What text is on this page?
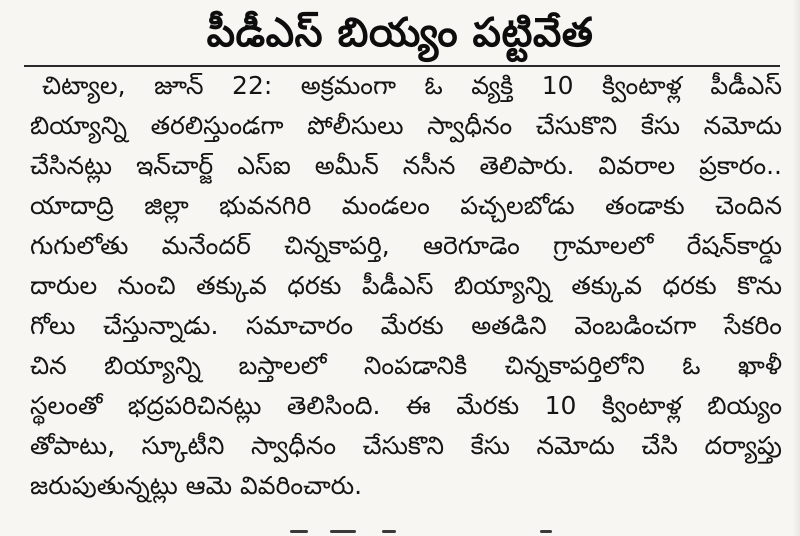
పీడీఎస్ బియ్యం పట్టివేత
చిట్యాల, జూన్ 22: అక్రమంగా ఓ వ్యక్తి 10 క్వింటాళ్ల పీడీఎస్
బియ్యాన్ని తరలిస్తుండగా పోలీసులు స్వాధీనం చేసుకొని కేసు నమోదు
చేసినట్లు ఇన్‌చార్జ్ ఎస్ఐ అమీన్ నసీన తెలిపారు. వివరాల ప్రకారం..
యాదాద్రి జిల్లా భువనగిరి మండలం పచ్చలబోడు తండాకు చెందిన
గుగులోతు మనేందర్ చిన్నకాపర్తి, ఆరెగూడెం గ్రామాలలో రేషన్‌కార్డు
దారుల నుంచి తక్కువ ధరకు పీడీఎస్ బియ్యాన్ని తక్కువ ధరకు కొను
గోలు చేస్తున్నాడు. సమాచారం మేరకు అతడిని వెంబడించగా సేకరిం
చిన బియ్యాన్ని బస్తాలలో నింపడానికి చిన్నకాపర్తిలోని ఓ ఖాళీ
స్థలంతో భద్రపరిచినట్లు తెలిసింది. ఈ మేరకు 10 క్వింటాళ్ల బియ్యం
తోపాటు, స్కూటీని స్వాధీనం చేసుకొని కేసు నమోదు చేసి దర్యాప్తు
జరుపుతున్నట్లు ఆమె వివరించారు.
